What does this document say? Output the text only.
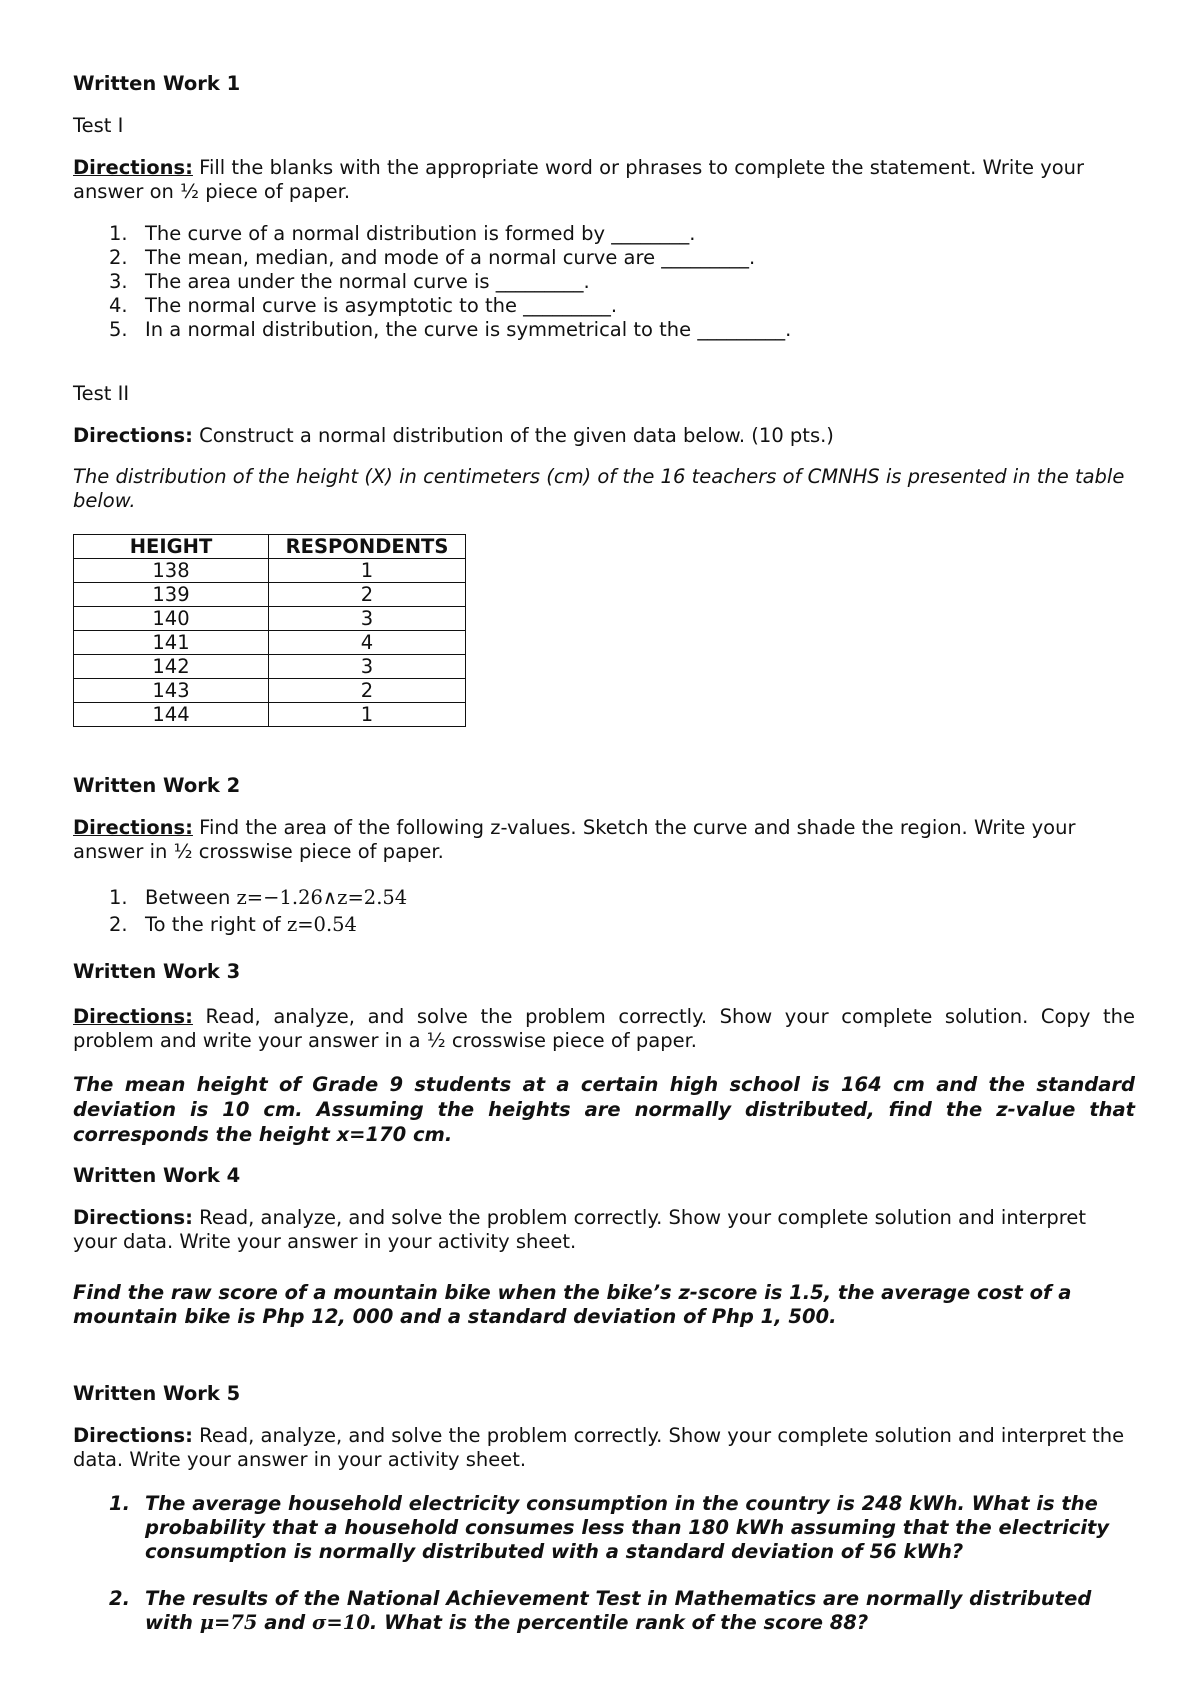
Written Work 1
Test I
Directions: Fill the blanks with the appropriate word or phrases to complete the statement. Write your answer on ½ piece of paper.
1. The curve of a normal distribution is formed by ________.
2. The mean, median, and mode of a normal curve are _________.
3. The area under the normal curve is _________.
4. The normal curve is asymptotic to the _________.
5. In a normal distribution, the curve is symmetrical to the _________.
Test II
Directions: Construct a normal distribution of the given data below. (10 pts.)
The distribution of the height (X) in centimeters (cm) of the 16 teachers of CMNHS is presented in the table below.
HEIGHT	RESPONDENTS
138	1
139	2
140	3
141	4
142	3
143	2
144	1
Written Work 2
Directions: Find the area of the following z-values. Sketch the curve and shade the region. Write your answer in ½ crosswise piece of paper.
1. Between z=−1.26∧z=2.54
2. To the right of z=0.54
Written Work 3
Directions: Read, analyze, and solve the problem correctly. Show your complete solution. Copy the problem and write your answer in a ½ crosswise piece of paper.
The mean height of Grade 9 students at a certain high school is 164 cm and the standard deviation is 10 cm. Assuming the heights are normally distributed, find the z-value that corresponds the height x=170 cm.
Written Work 4
Directions: Read, analyze, and solve the problem correctly. Show your complete solution and interpret your data. Write your answer in your activity sheet.
Find the raw score of a mountain bike when the bike’s z-score is 1.5, the average cost of a mountain bike is Php 12, 000 and a standard deviation of Php 1, 500.
Written Work 5
Directions: Read, analyze, and solve the problem correctly. Show your complete solution and interpret the data. Write your answer in your activity sheet.
1. The average household electricity consumption in the country is 248 kWh. What is the probability that a household consumes less than 180 kWh assuming that the electricity consumption is normally distributed with a standard deviation of 56 kWh?
2. The results of the National Achievement Test in Mathematics are normally distributed with μ=75 and σ=10. What is the percentile rank of the score 88?
